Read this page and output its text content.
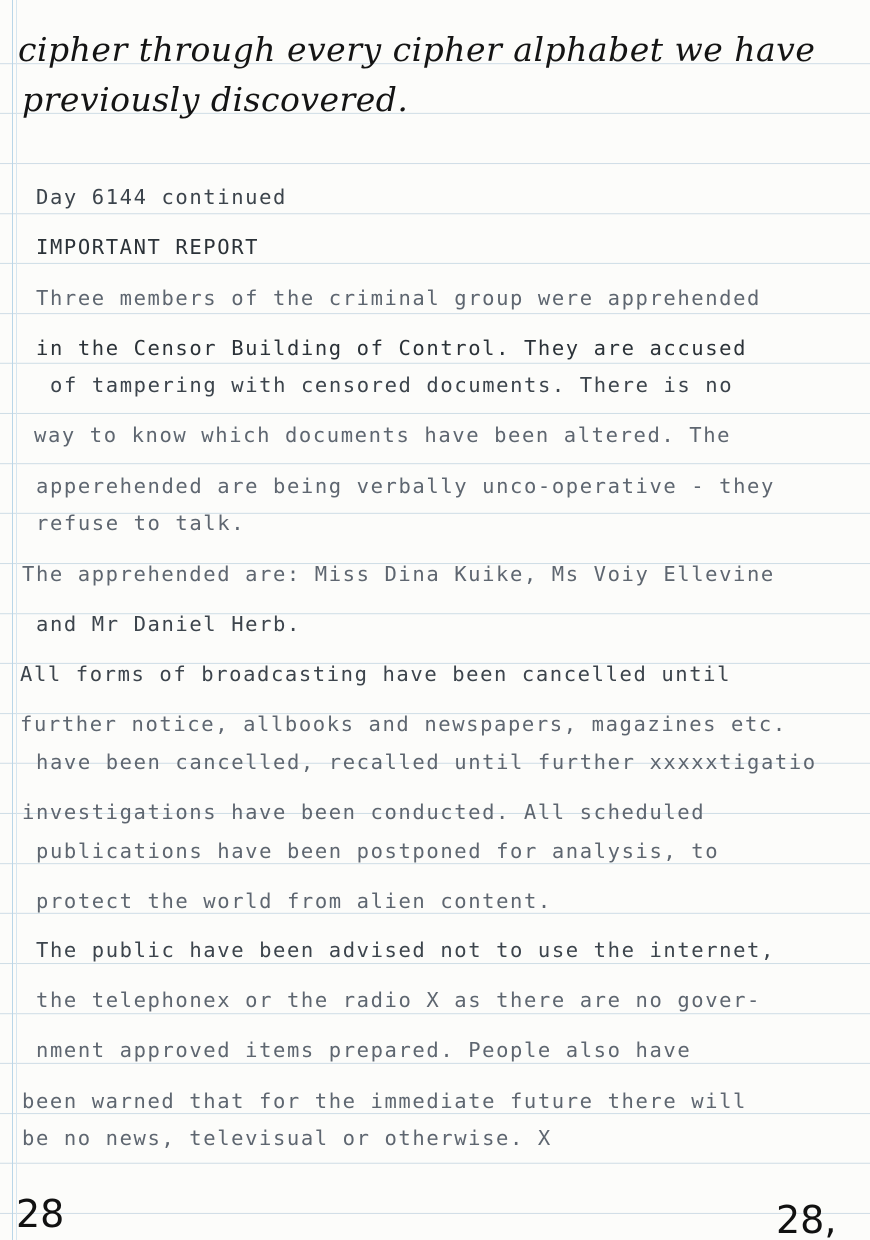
cipher through every cipher alphabet we have

previously discovered.

Day 6144 continued

IMPORTANT REPORT

Three members of the criminal group were apprehended

in the Censor Building of Control. They are accused

of tampering with censored documents. There is no

way to know which documents have been altered. The

apperehended are being verbally unco-operative - they

refuse to talk.

The apprehended are: Miss Dina Kuike, Ms Voiy Ellevine

and Mr Daniel Herb.

All forms of broadcasting have been cancelled until

further notice, allbooks and newspapers, magazines etc.

have been cancelled, recalled until further xxxxxtigatio

investigations have been conducted. All scheduled

publications have been postponed for analysis, to

protect the world from alien content.

The public have been advised not to use the internet,

the telephonex or the radio X as there are no gover-

nment approved items prepared. People also have

been warned that for the immediate future there will

be no news, televisual or otherwise. X

28	28,
